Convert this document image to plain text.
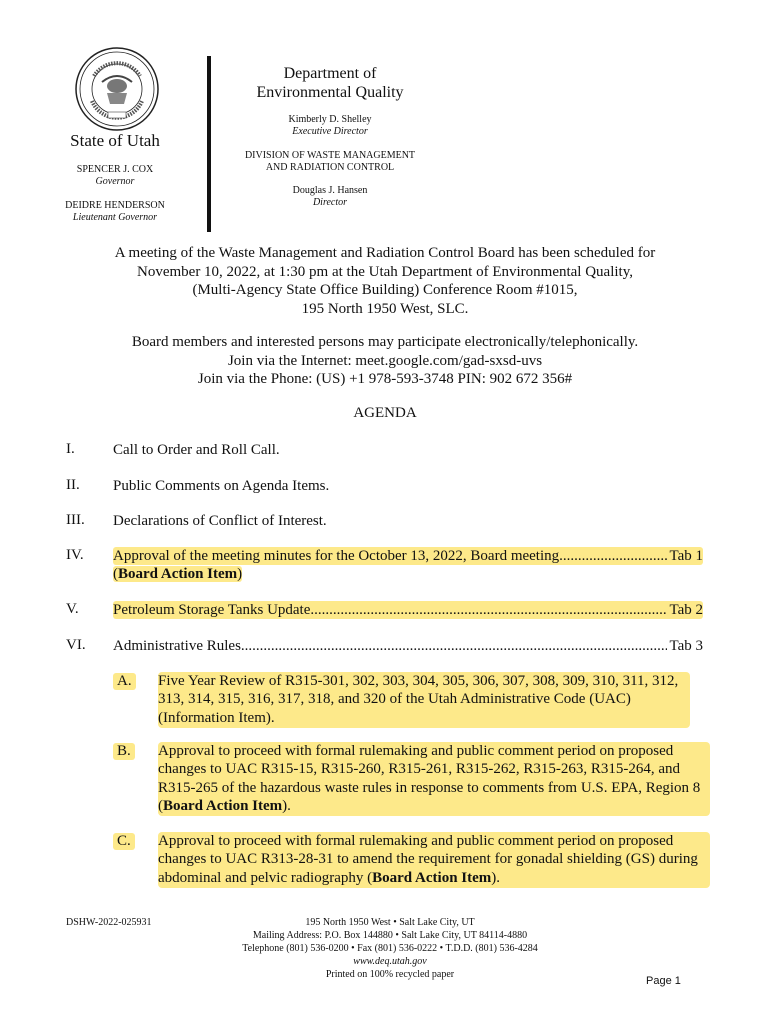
State of Utah
SPENCER J. COX
Governor
DEIDRE HENDERSON
Lieutenant Governor
Department of
Environmental Quality
Kimberly D. Shelley
Executive Director
DIVISION OF WASTE MANAGEMENT
AND RADIATION CONTROL
Douglas J. Hansen
Director
A meeting of the Waste Management and Radiation Control Board has been scheduled for
November 10, 2022, at 1:30 pm at the Utah Department of Environmental Quality,
(Multi-Agency State Office Building) Conference Room #1015,
195 North 1950 West, SLC.
Board members and interested persons may participate electronically/telephonically.
Join via the Internet: meet.google.com/gad-sxsd-uvs
Join via the Phone: (US) +1 978-593-3748 PIN: 902 672 356#
AGENDA
I.	Call to Order and Roll Call.
II. Public Comments on Agenda Items.
III. Declarations of Conflict of Interest.
IV. Approval of the meeting minutes for the October 13, 2022, Board meeting .....	Tab 1
(Board Action Item)
V. Petroleum Storage Tanks Update .....	Tab 2
VI. Administrative Rules .....	Tab 3
A. Five Year Review of R315-301, 302, 303, 304, 305, 306, 307, 308, 309, 310, 311, 312,
313, 314, 315, 316, 317, 318, and 320 of the Utah Administrative Code (UAC)
(Information Item).
B. Approval to proceed with formal rulemaking and public comment period on proposed
changes to UAC R315-15, R315-260, R315-261, R315-262, R315-263, R315-264, and
R315-265 of the hazardous waste rules in response to comments from U.S. EPA, Region 8
(Board Action Item).
C. Approval to proceed with formal rulemaking and public comment period on proposed
changes to UAC R313-28-31 to amend the requirement for gonadal shielding (GS) during
abdominal and pelvic radiography (Board Action Item).
DSHW-2022-025931	195 North 1950 West • Salt Lake City, UT
Mailing Address: P.O. Box 144880 • Salt Lake City, UT 84114-4880
Telephone (801) 536-0200 • Fax (801) 536-0222 • T.D.D. (801) 536-4284
www.deq.utah.gov
Printed on 100% recycled paper
Page 1
